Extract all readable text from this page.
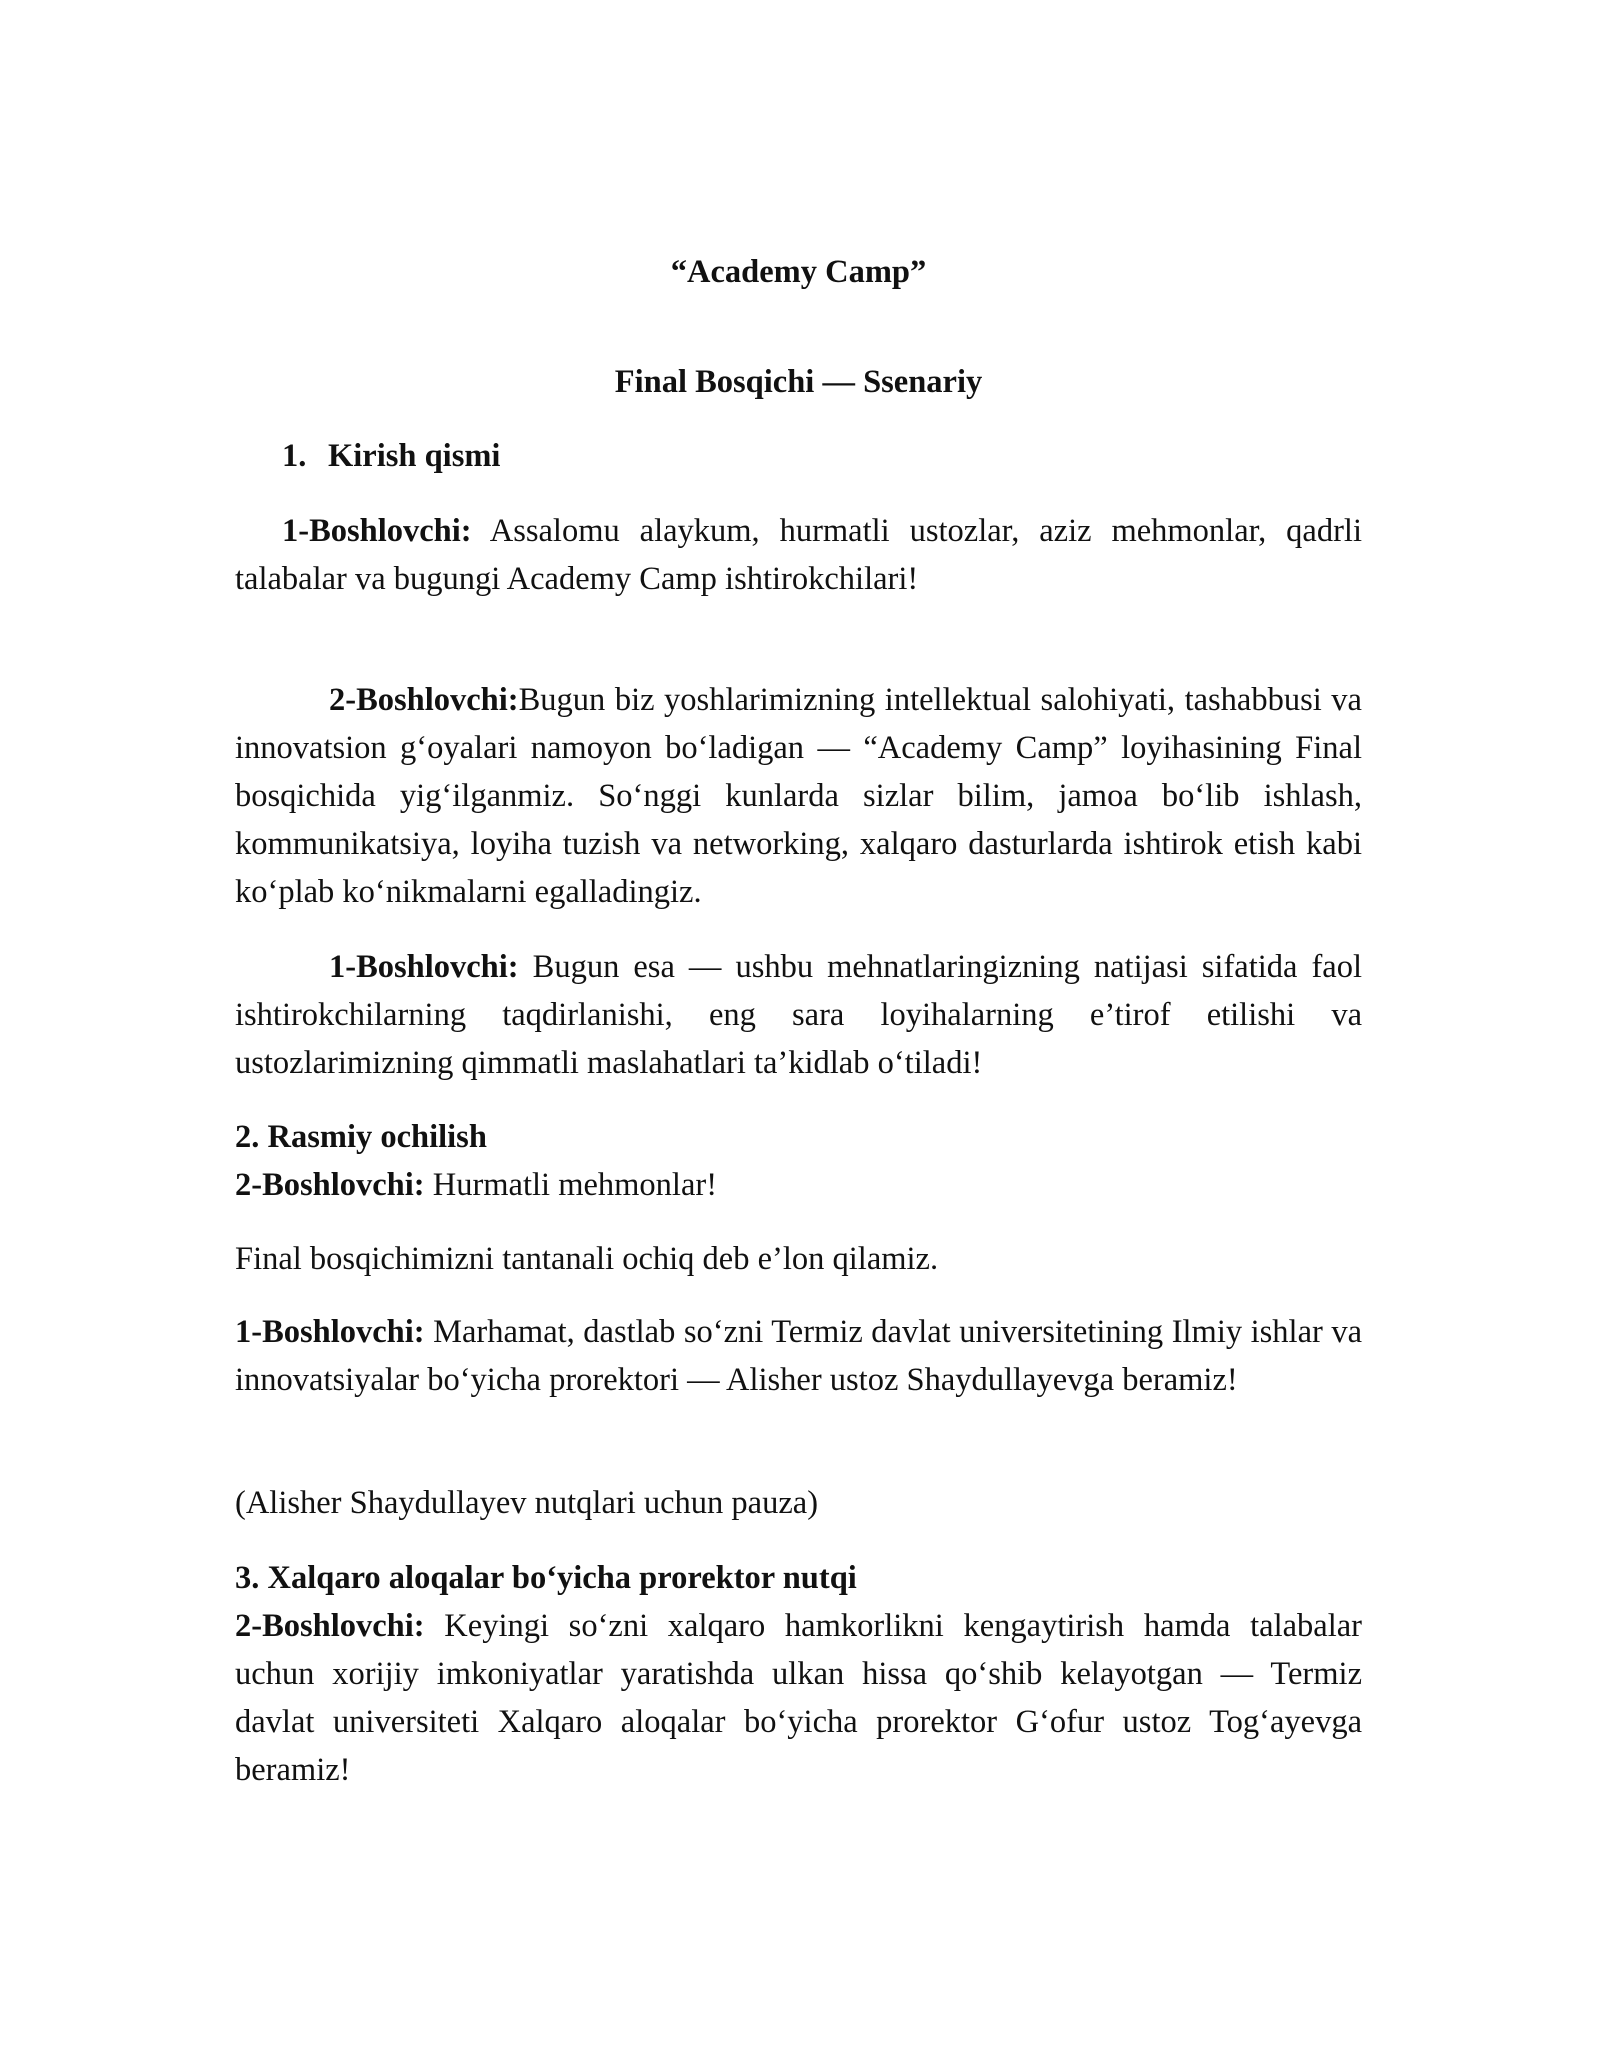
“Academy Camp”

Final Bosqichi — Ssenariy

1. Kirish qismi

1-Boshlovchi: Assalomu alaykum, hurmatli ustozlar, aziz mehmonlar, qadrli talabalar va bugungi Academy Camp ishtirokchilari!

2-Boshlovchi:Bugun biz yoshlarimizning intellektual salohiyati, tashabbusi va innovatsion g‘oyalari namoyon bo‘ladigan — “Academy Camp” loyihasining Final bosqichida yig‘ilganmiz. So‘nggi kunlarda sizlar bilim, jamoa bo‘lib ishlash, kommunikatsiya, loyiha tuzish va networking, xalqaro dasturlarda ishtirok etish kabi ko‘plab ko‘nikmalarni egalladingiz.

1-Boshlovchi: Bugun esa — ushbu mehnatlaringizning natijasi sifatida faol ishtirokchilarning taqdirlanishi, eng sara loyihalarning e’tirof etilishi va ustozlarimizning qimmatli maslahatlari ta’kidlab o‘tiladi!

2. Rasmiy ochilish

2-Boshlovchi: Hurmatli mehmonlar!

Final bosqichimizni tantanali ochiq deb e’lon qilamiz.

1-Boshlovchi: Marhamat, dastlab so‘zni Termiz davlat universitetining Ilmiy ishlar va innovatsiyalar bo‘yicha prorektori — Alisher ustoz Shaydullayevga beramiz!

(Alisher Shaydullayev nutqlari uchun pauza)

3. Xalqaro aloqalar bo‘yicha prorektor nutqi

2-Boshlovchi: Keyingi so‘zni xalqaro hamkorlikni kengaytirish hamda talabalar uchun xorijiy imkoniyatlar yaratishda ulkan hissa qo‘shib kelayotgan — Termiz davlat universiteti Xalqaro aloqalar bo‘yicha prorektor G‘ofur ustoz Tog‘ayevga beramiz!
